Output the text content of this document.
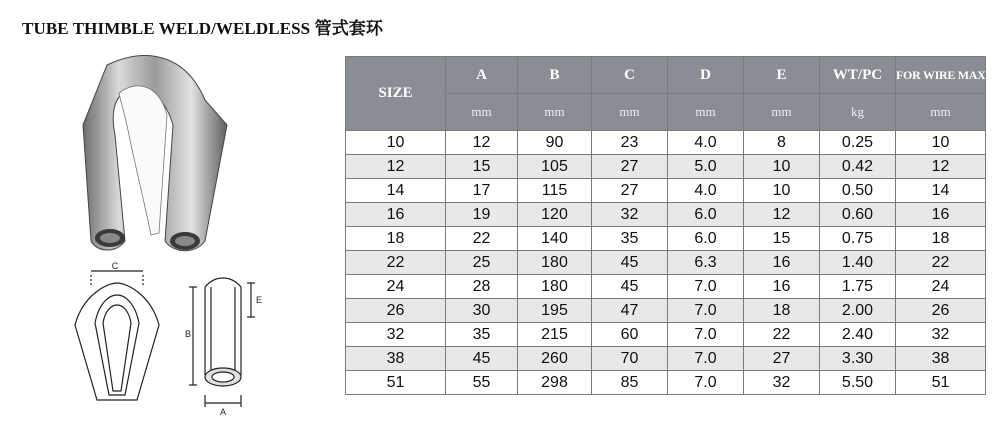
TUBE THIMBLE WELD/WELDLESS 管式套环
C
B
E
A
SIZE	A	B	C	D	E	WT/PC	FOR WIRE MAX.
	mm	mm	mm	mm	mm	kg	mm
10	12	90	23	4.0	8	0.25	10
12	15	105	27	5.0	10	0.42	12
14	17	115	27	4.0	10	0.50	14
16	19	120	32	6.0	12	0.60	16
18	22	140	35	6.0	15	0.75	18
22	25	180	45	6.3	16	1.40	22
24	28	180	45	7.0	16	1.75	24
26	30	195	47	7.0	18	2.00	26
32	35	215	60	7.0	22	2.40	32
38	45	260	70	7.0	27	3.30	38
51	55	298	85	7.0	32	5.50	51
